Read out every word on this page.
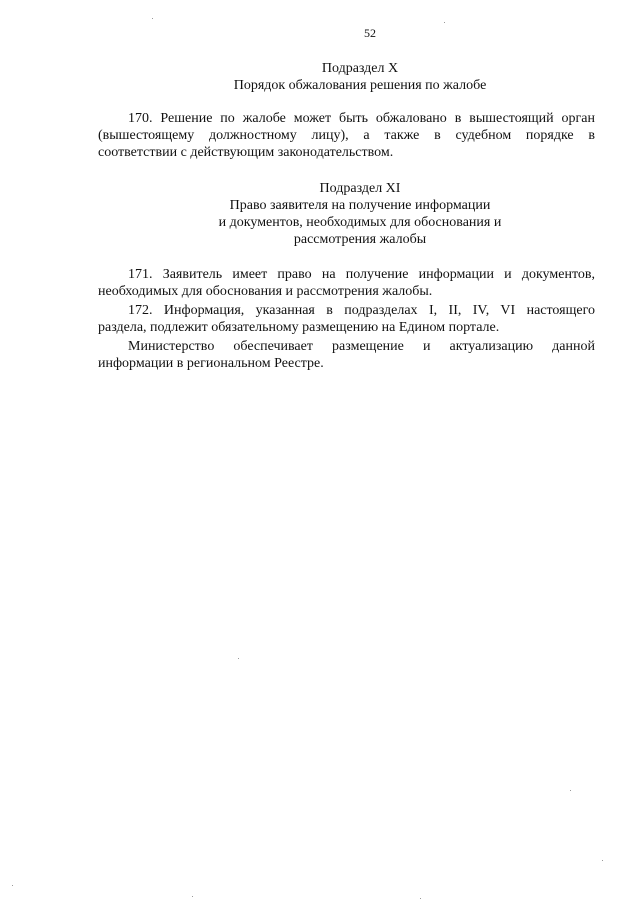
52
Подраздел X
Порядок обжалования решения по жалобе
170. Решение по жалобе может быть обжаловано в вышестоящий орган
(вышестоящему должностному лицу), а также в судебном порядке в
соответствии с действующим законодательством.
Подраздел XI
Право заявителя на получение информации
и документов, необходимых для обоснования и
рассмотрения жалобы
171. Заявитель имеет право на получение информации и документов,
необходимых для обоснования и рассмотрения жалобы.
172. Информация, указанная в подразделах I, II, IV, VI настоящего
раздела, подлежит обязательному размещению на Едином портале.
Министерство обеспечивает размещение и актуализацию данной
информации в региональном Реестре.
